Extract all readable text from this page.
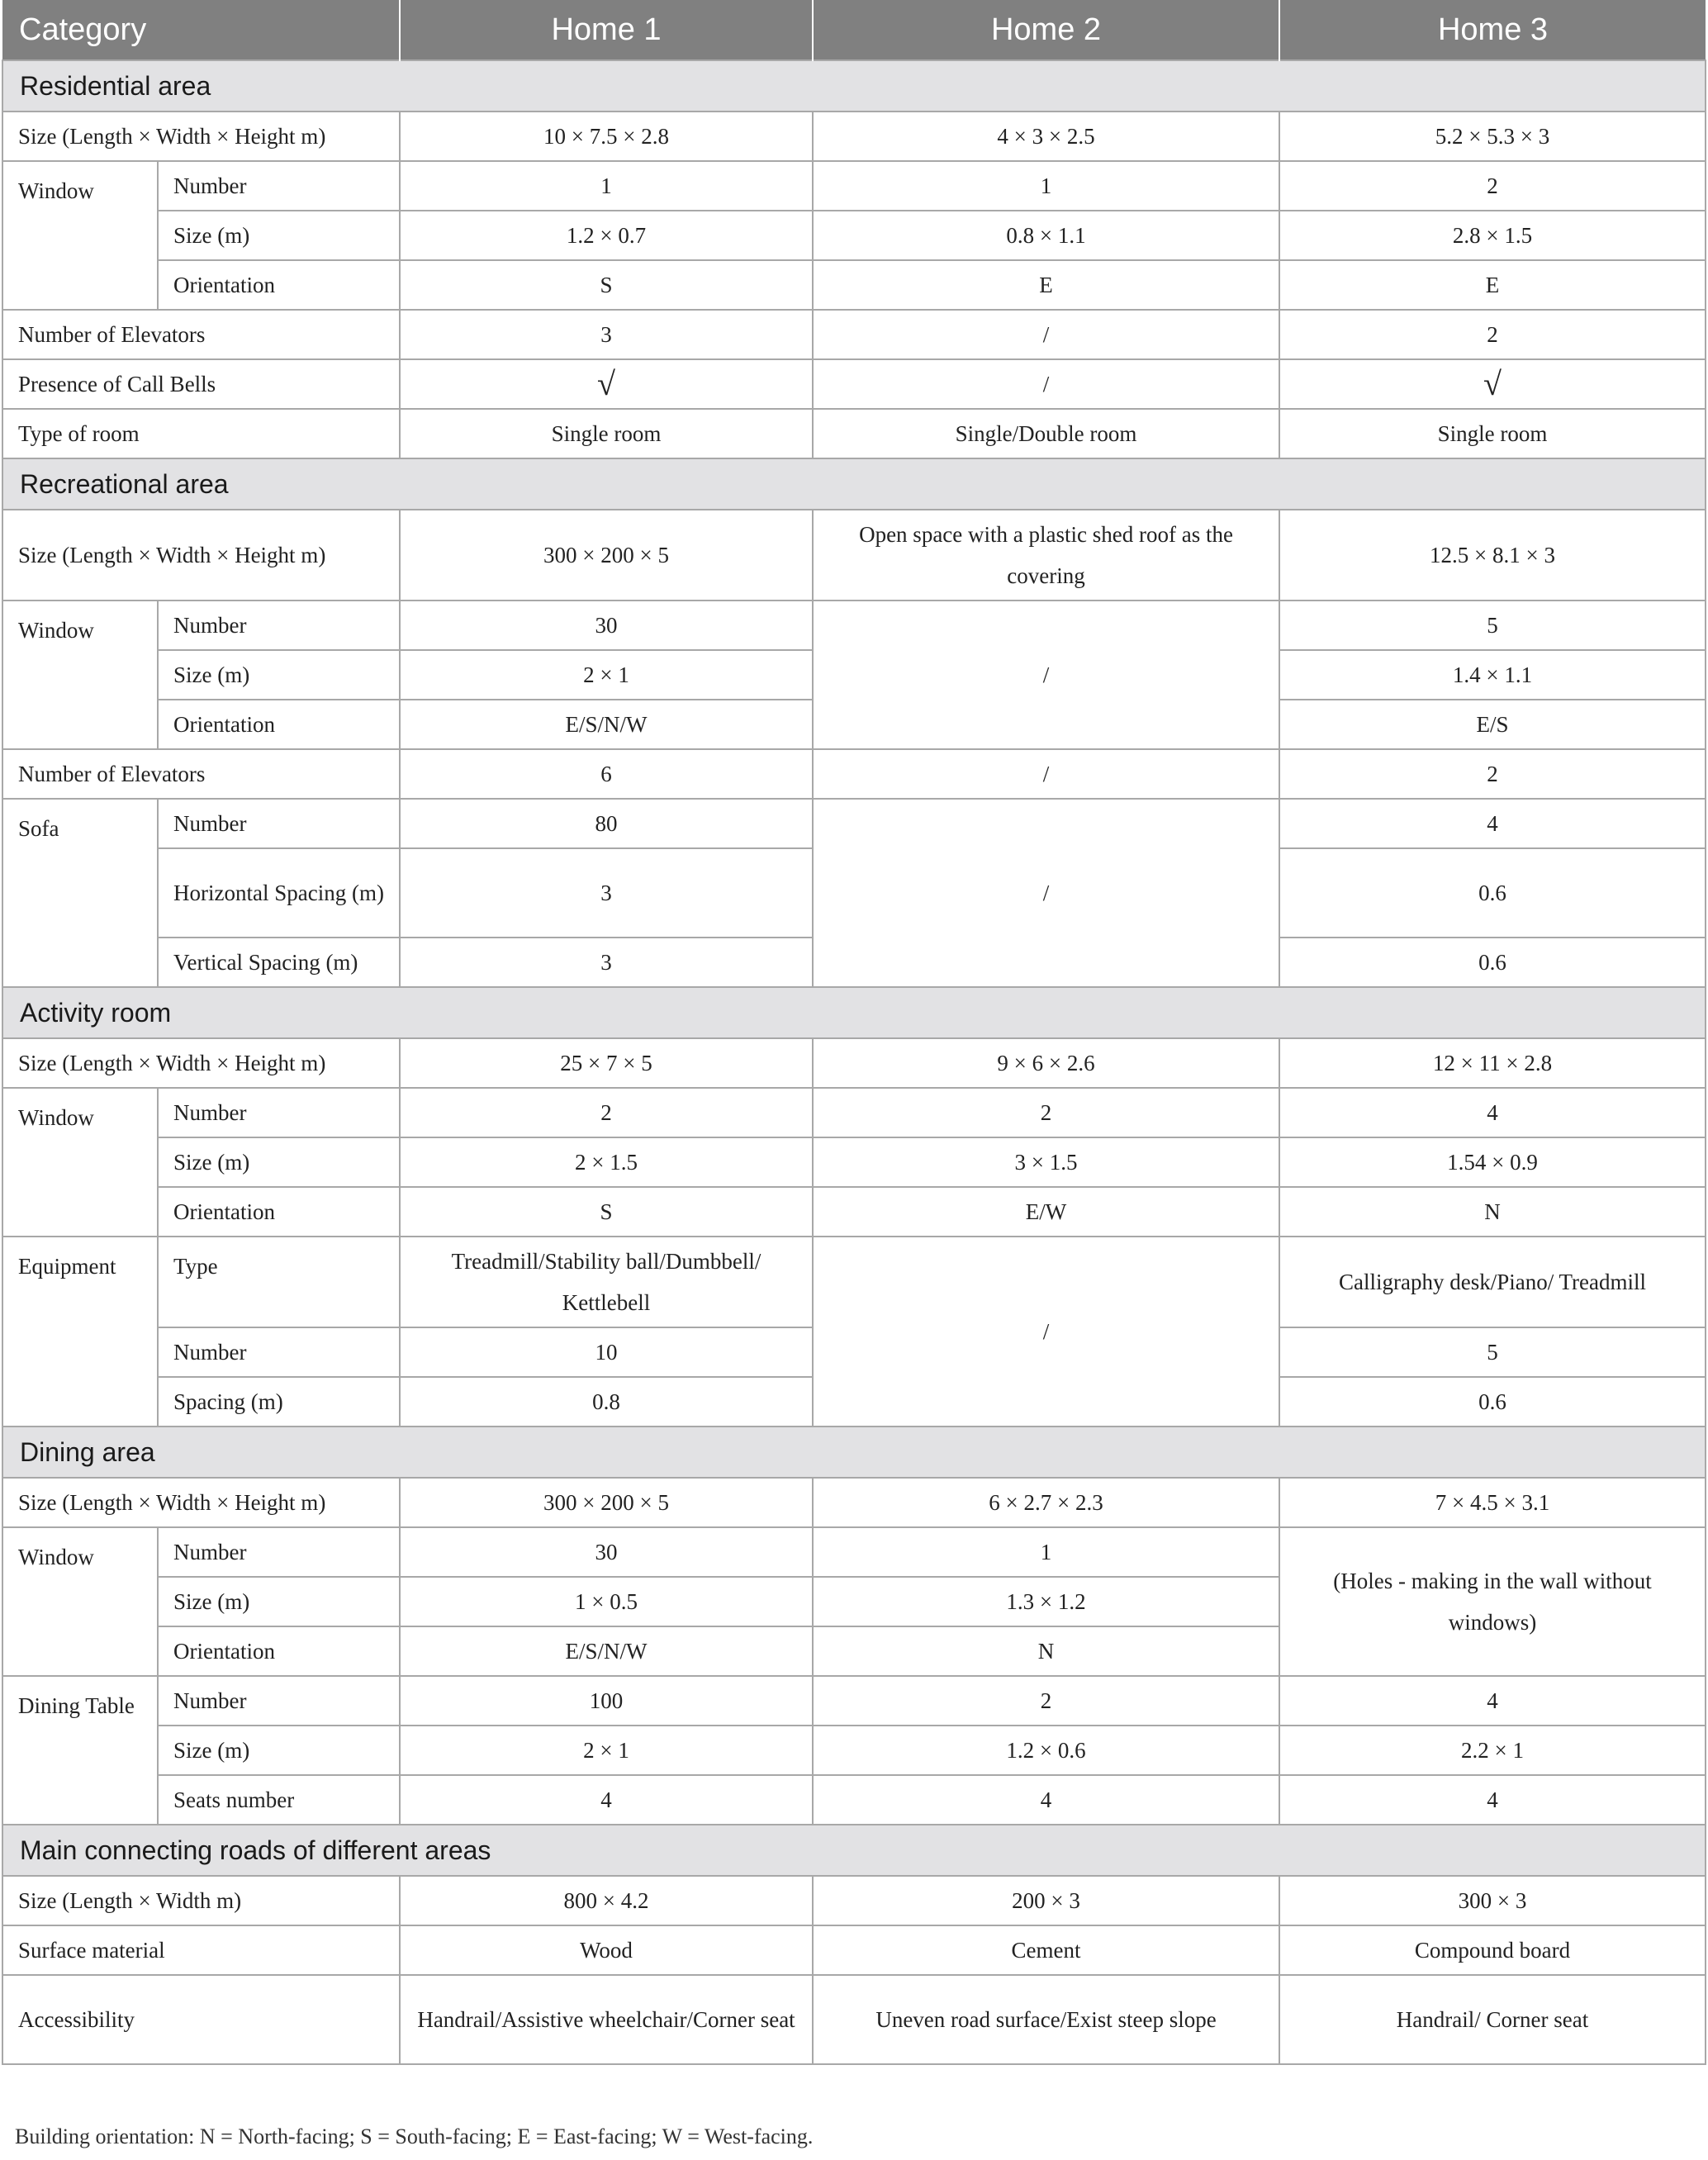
Category		Home 1	Home 2	Home 3
Residential area				
Size (Length × Width × Height m)		10 × 7.5 × 2.8	4 × 3 × 2.5	5.2 × 5.3 × 3
Window	Number	1	1	2
	Size (m)	1.2 × 0.7	0.8 × 1.1	2.8 × 1.5
	Orientation	S	E	E
Number of Elevators		3	/	2
Presence of Call Bells		√	/	√
Type of room		Single room	Single/Double room	Single room
Recreational area				
Size (Length × Width × Height m)		300 × 200 × 5	Open space with a plastic shed roof as the covering	12.5 × 8.1 × 3
Window	Number	30	/	5
	Size (m)	2 × 1		1.4 × 1.1
	Orientation	E/S/N/W		E/S
Number of Elevators		6	/	2
Sofa	Number	80	/	4
	Horizontal Spacing (m)	3		0.6
	Vertical Spacing (m)	3		0.6
Activity room				
Size (Length × Width × Height m)		25 × 7 × 5	9 × 6 × 2.6	12 × 11 × 2.8
Window	Number	2	2	4
	Size (m)	2 × 1.5	3 × 1.5	1.54 × 0.9
	Orientation	S	E/W	N
Equipment	Type	Treadmill/Stability ball/Dumbbell/ Kettlebell	/	Calligraphy desk/Piano/ Treadmill
	Number	10		5
	Spacing (m)	0.8		0.6
Dining area				
Size (Length × Width × Height m)		300 × 200 × 5	6 × 2.7 × 2.3	7 × 4.5 × 3.1
Window	Number	30	1	(Holes - making in the wall without windows)
	Size (m)	1 × 0.5	1.3 × 1.2	
	Orientation	E/S/N/W	N	
Dining Table	Number	100	2	4
	Size (m)	2 × 1	1.2 × 0.6	2.2 × 1
	Seats number	4	4	4
Main connecting roads of different areas				
Size (Length × Width m)		800 × 4.2	200 × 3	300 × 3
Surface material		Wood	Cement	Compound board
Accessibility		Handrail/Assistive wheelchair/Corner seat	Uneven road surface/Exist steep slope	Handrail/ Corner seat
Building orientation: N = North-facing; S = South-facing; E = East-facing; W = West-facing.
